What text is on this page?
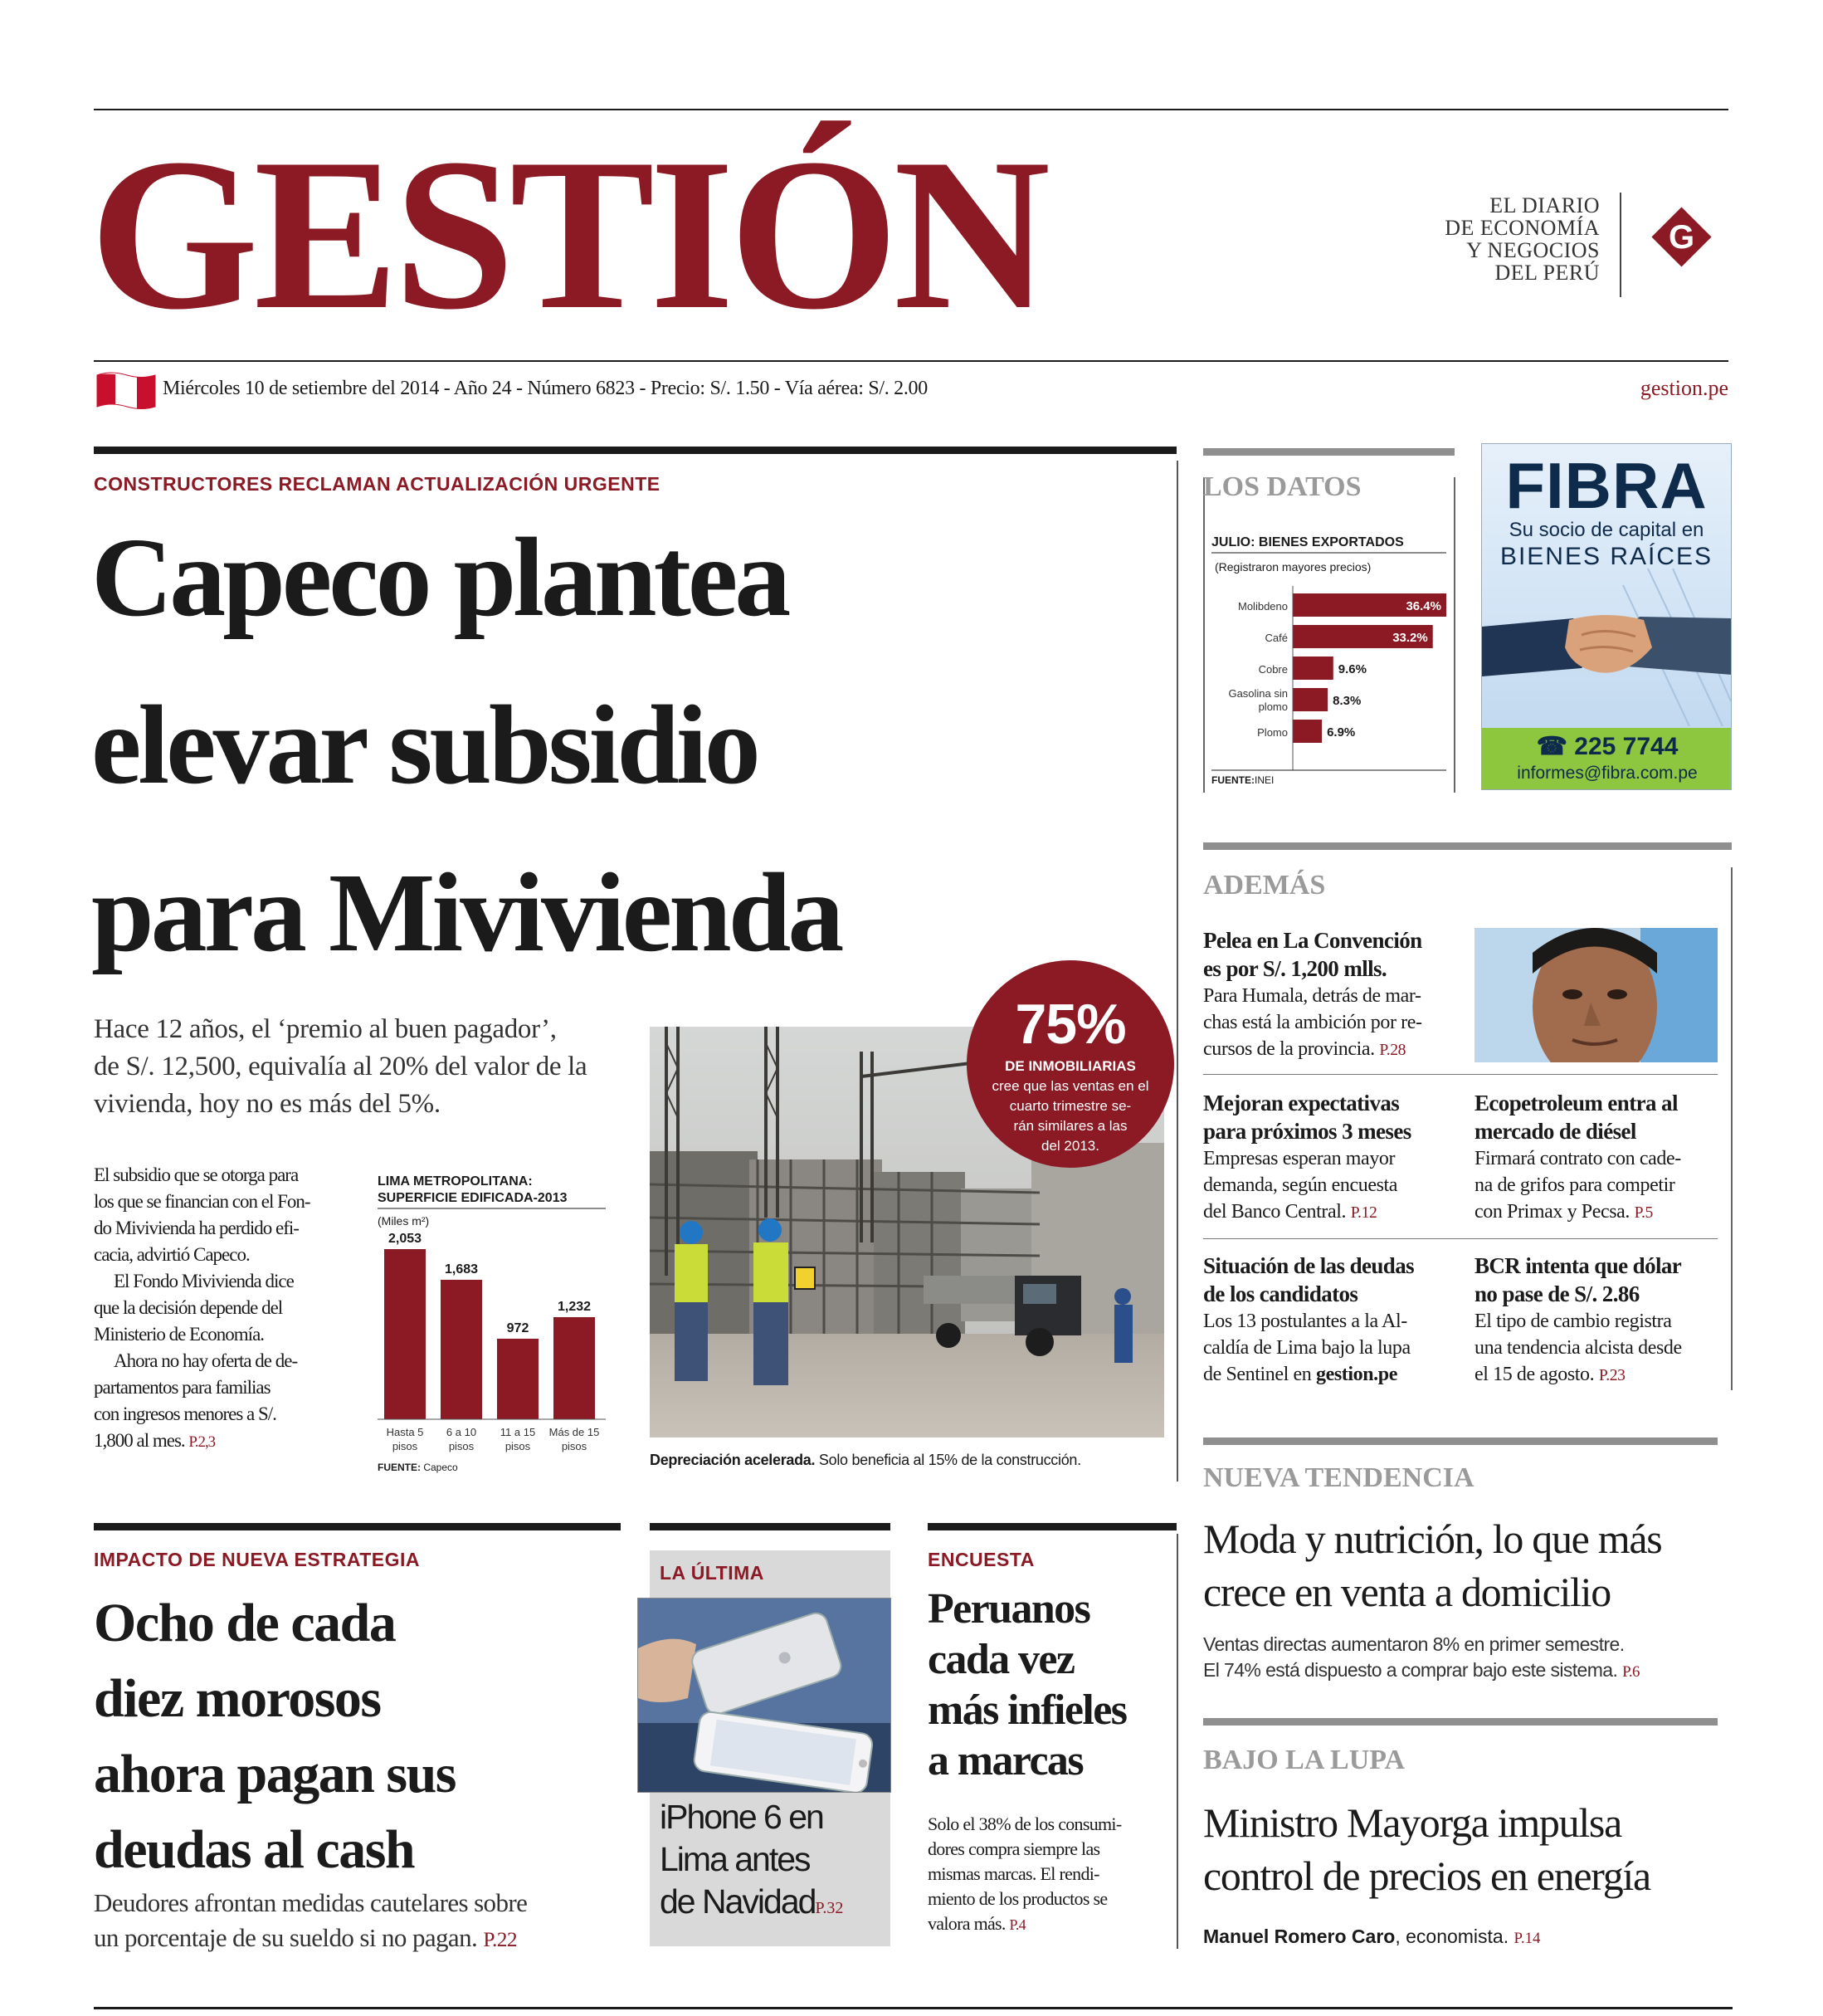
GESTIÓN	EL DIARIO
DE ECONOMÍA
Y NEGOCIOS
DEL PERÚ
G
Miércoles 10 de setiembre del 2014 - Año 24 - Número 6823 - Precio: S/. 1.50 - Vía aérea: S/. 2.00	gestion.pe
CONSTRUCTORES RECLAMAN ACTUALIZACIÓN URGENTE
Capeco plantea
elevar subsidio
para Mivivienda
Hace 12 años, el ‘premio al buen pagador’,
de S/. 12,500, equivalía al 20% del valor de la
vivienda, hoy no es más del 5%.
El subsidio que se otorga para
los que se financian con el Fon-
do Mivivienda ha perdido efi-
cacia, advirtió Capeco.
El Fondo Mivivienda dice
que la decisión depende del
Ministerio de Economía.
Ahora no hay oferta de de-
partamentos para familias
con ingresos menores a S/.
1,800 al mes. P.2,3
LIMA METROPOLITANA:
SUPERFICIE EDIFICADA-2013
(Miles m²)
2,053
Hasta 5
pisos
1,683
6 a 10
pisos
972
11 a 15
pisos
1,232
Más de 15
pisos
FUENTE: Capeco
75%
DE INMOBILIARIAS
cree que las ventas en el
cuarto trimestre se-
rán similares a las
del 2013.
Depreciación acelerada. Solo beneficia al 15% de la construcción.
LOS DATOS
JULIO: BIENES EXPORTADOS
(Registraron mayores precios)
36.4%
Molibdeno
33.2%
Café
9.6%
Cobre
8.3%
Gasolina sin
plomo
6.9%
Plomo
FUENTE:INEI
FIBRA
Su socio de capital en
BIENES RAÍCES
☎ 225 7744
informes@fibra.com.pe
ADEMÁS
Pelea en La Convención
es por S/. 1,200 mlls.
Para Humala, detrás de mar-
chas está la ambición por re-
cursos de la provincia. P.28
Mejoran expectativas
para próximos 3 meses
Empresas esperan mayor
demanda, según encuesta
del Banco Central. P.12
Ecopetroleum entra al
mercado de diésel
Firmará contrato con cade-
na de grifos para competir
con Primax y Pecsa. P.5
Situación de las deudas
de los candidatos
Los 13 postulantes a la Al-
caldía de Lima bajo la lupa
de Sentinel en gestion.pe
BCR intenta que dólar
no pase de S/. 2.86
El tipo de cambio registra
una tendencia alcista desde
el 15 de agosto. P.23
NUEVA TENDENCIA
Moda y nutrición, lo que más
crece en venta a domicilio
Ventas directas aumentaron 8% en primer semestre.
El 74% está dispuesto a comprar bajo este sistema. P.6
BAJO LA LUPA
Ministro Mayorga impulsa
control de precios en energía
Manuel Romero Caro, economista. P.14
IMPACTO DE NUEVA ESTRATEGIA
Ocho de cada
diez morosos
ahora pagan sus
deudas al cash
Deudores afrontan medidas cautelares sobre
un porcentaje de su sueldo si no pagan. P.22
LA ÚLTIMA
iPhone 6 en
Lima antes
de NavidadP.32
ENCUESTA
Peruanos
cada vez
más infieles
a marcas
Solo el 38% de los consumi-
dores compra siempre las
mismas marcas. El rendi-
miento de los productos se
valora más. P.4
